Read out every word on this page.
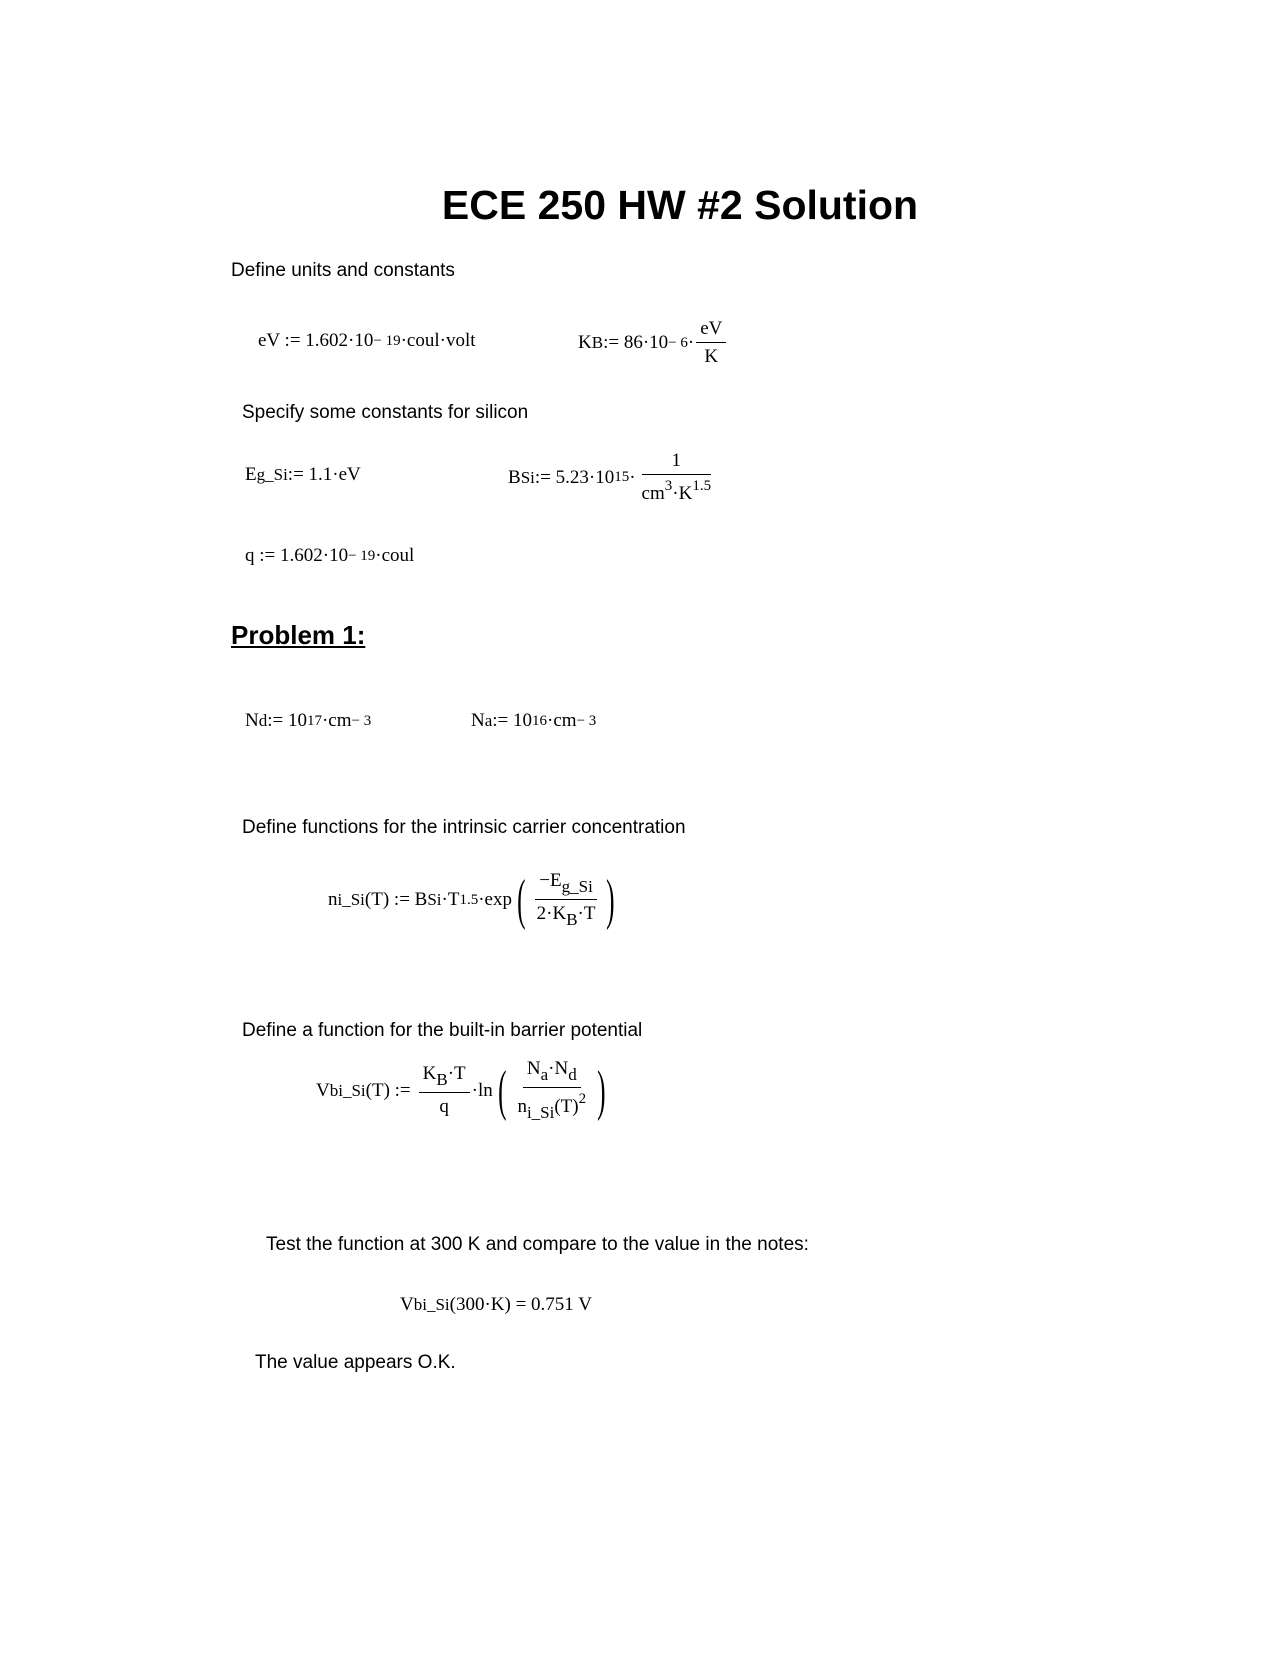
ECE 250 HW #2 Solution
Define units and constants
eV := 1.602·10 − 19 ·coul·volt	K B := $86\cdot 10 - 6 \cdot \frac{eV}{K}$
Specify some constants for silicon
E g_Si := 1.1·eV	B Si := 5.23·10 $15 \cdot \frac{1}{cm^3\cdot K^{1.5}}$
q := 1.602·10 − 19 ·coul
Problem 1:
N d := 10 17 ·cm − 3	N a := 10 16 ·cm − 3
Define functions for the intrinsic carrier concentration
n i_Si (T) := B Si ·T 1.5 ·exp ( $\frac{-E_{g\_Si}}{2\cdot K_B\cdot T}$ )
Define a function for the built-in barrier potential
V bi_Si (T) := $\frac{K_B\cdot T}{q} \cdot\ln$ ( $\frac{N_a\cdot N_d}{n_{i\_Si}(T)^2}$ )
Test the function at 300 K and compare to the value in the notes:
V bi_Si (300·K) = 0.751 V
The value appears O.K.
